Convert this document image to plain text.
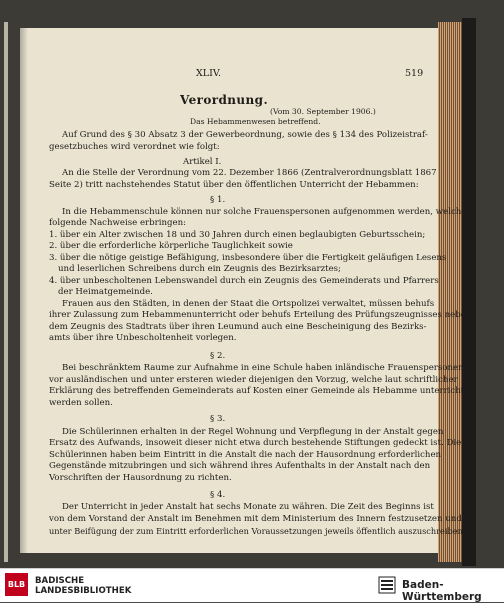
XLIV.	519
Verordnung.
(Vom 30. September 1906.)
Das Hebammenwesen betreffend.
Auf Grund des § 30 Absatz 3 der Gewerbeordnung, sowie des § 134 des Polizeistraf-
gesetzbuches wird verordnet wie folgt:
Artikel I.
An die Stelle der Verordnung vom 22. Dezember 1866 (Zentralverordnungsblatt 1867
Seite 2) tritt nachstehendes Statut über den öffentlichen Unterricht der Hebammen:
§ 1.
In die Hebammenschule können nur solche Frauenspersonen aufgenommen werden, welche
folgende Nachweise erbringen:
1. über ein Alter zwischen 18 und 30 Jahren durch einen beglaubigten Geburtsschein;
2. über die erforderliche körperliche Tauglichkeit sowie
3. über die nötige geistige Befähigung, insbesondere über die Fertigkeit geläufigen Lesens
und leserlichen Schreibens durch ein Zeugnis des Bezirksarztes;
4. über unbescholtenen Lebenswandel durch ein Zeugnis des Gemeinderats und Pfarrers
der Heimatgemeinde.
Frauen aus den Städten, in denen der Staat die Ortspolizei verwaltet, müssen behufs
ihrer Zulassung zum Hebammenunterricht oder behufs Erteilung des Prüfungszeugnisses neben
dem Zeugnis des Stadtrats über ihren Leumund auch eine Bescheinigung des Bezirks-
amts über ihre Unbescholtenheit vorlegen.
§ 2.
Bei beschränktem Raume zur Aufnahme in eine Schule haben inländische Frauenspersonen
vor ausländischen und unter ersteren wieder diejenigen den Vorzug, welche laut schriftlicher
Erklärung des betreffenden Gemeinderats auf Kosten einer Gemeinde als Hebamme unterrichtet
werden sollen.
§ 3.
Die Schülerinnen erhalten in der Regel Wohnung und Verpflegung in der Anstalt gegen
Ersatz des Aufwands, insoweit dieser nicht etwa durch bestehende Stiftungen gedeckt ist. Die
Schülerinnen haben beim Eintritt in die Anstalt die nach der Hausordnung erforderlichen
Gegenstände mitzubringen und sich während ihres Aufenthalts in der Anstalt nach den
Vorschriften der Hausordnung zu richten.
§ 4.
Der Unterricht in jeder Anstalt hat sechs Monate zu währen. Die Zeit des Beginns ist
von dem Vorstand der Anstalt im Benehmen mit dem Ministerium des Innern festzusetzen und
unter Beifügung der zum Eintritt erforderlichen Voraussetzungen jeweils öffentlich auszuschreiben.
BLB	BADISCHE
LANDESBIBLIOTHEK	Baden-Württemberg
